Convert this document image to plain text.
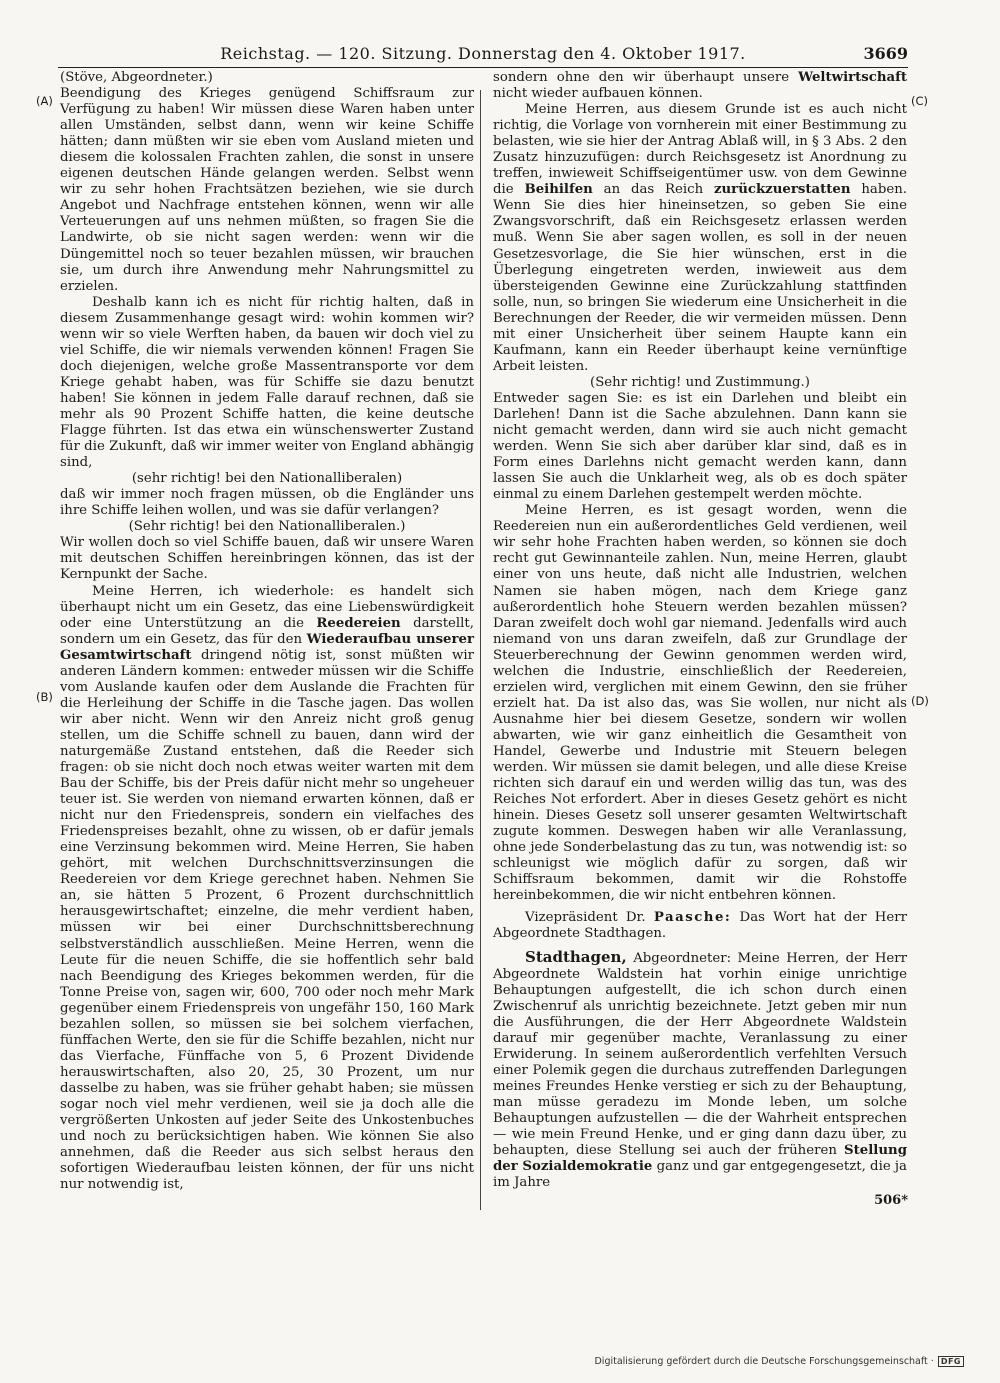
Reichstag. — 120. Sitzung. Donnerstag den 4. Oktober 1917.	3669
(A)
(B)
(C)
(D)

(Stöve, Abgeordneter.)

Beendigung des Krieges genügend Schiffsraum zur Verfügung zu haben! Wir müssen diese Waren haben unter allen Umständen, selbst dann, wenn wir keine Schiffe hätten; dann müßten wir sie eben vom Ausland mieten und diesem die kolossalen Frachten zahlen, die sonst in unsere eigenen deutschen Hände gelangen werden. Selbst wenn wir zu sehr hohen Frachtsätzen beziehen, wie sie durch Angebot und Nachfrage entstehen können, wenn wir alle Verteuerungen auf uns nehmen müßten, so fragen Sie die Landwirte, ob sie nicht sagen werden: wenn wir die Düngemittel noch so teuer bezahlen müssen, wir brauchen sie, um durch ihre Anwendung mehr Nahrungsmittel zu erzielen.

Deshalb kann ich es nicht für richtig halten, daß in diesem Zusammenhange gesagt wird: wohin kommen wir? wenn wir so viele Werften haben, da bauen wir doch viel zu viel Schiffe, die wir niemals verwenden können! Fragen Sie doch diejenigen, welche große Massentransporte vor dem Kriege gehabt haben, was für Schiffe sie dazu benutzt haben! Sie können in jedem Falle darauf rechnen, daß sie mehr als 90 Prozent Schiffe hatten, die keine deutsche Flagge führten. Ist das etwa ein wünschenswerter Zustand für die Zukunft, daß wir immer weiter von England abhängig sind,

(sehr richtig! bei den Nationalliberalen)

daß wir immer noch fragen müssen, ob die Engländer uns ihre Schiffe leihen wollen, und was sie dafür verlangen?

(Sehr richtig! bei den Nationalliberalen.)

Wir wollen doch so viel Schiffe bauen, daß wir unsere Waren mit deutschen Schiffen hereinbringen können, das ist der Kernpunkt der Sache.

Meine Herren, ich wiederhole: es handelt sich überhaupt nicht um ein Gesetz, das eine Liebenswürdigkeit oder eine Unterstützung an die Reedereien darstellt, sondern um ein Gesetz, das für den Wiederaufbau unserer Gesamtwirtschaft dringend nötig ist, sonst müßten wir anderen Ländern kommen: entweder müssen wir die Schiffe vom Auslande kaufen oder dem Auslande die Frachten für die Herleihung der Schiffe in die Tasche jagen. Das wollen wir aber nicht. Wenn wir den Anreiz nicht groß genug stellen, um die Schiffe schnell zu bauen, dann wird der naturgemäße Zustand entstehen, daß die Reeder sich fragen: ob sie nicht doch noch etwas weiter warten mit dem Bau der Schiffe, bis der Preis dafür nicht mehr so ungeheuer teuer ist. Sie werden von niemand erwarten können, daß er nicht nur den Friedenspreis, sondern ein vielfaches des Friedenspreises bezahlt, ohne zu wissen, ob er dafür jemals eine Verzinsung bekommen wird. Meine Herren, Sie haben gehört, mit welchen Durchschnittsverzinsungen die Reedereien vor dem Kriege gerechnet haben. Nehmen Sie an, sie hätten 5 Prozent, 6 Prozent durchschnittlich herausgewirtschaftet; einzelne, die mehr verdient haben, müssen wir bei einer Durchschnittsberechnung selbstverständlich ausschließen. Meine Herren, wenn die Leute für die neuen Schiffe, die sie hoffentlich sehr bald nach Beendigung des Krieges bekommen werden, für die Tonne Preise von, sagen wir, 600, 700 oder noch mehr Mark gegenüber einem Friedenspreis von ungefähr 150, 160 Mark bezahlen sollen, so müssen sie bei solchem vierfachen, fünffachen Werte, den sie für die Schiffe bezahlen, nicht nur das Vierfache, Fünffache von 5, 6 Prozent Dividende herauswirtschaften, also 20, 25, 30 Prozent, um nur dasselbe zu haben, was sie früher gehabt haben; sie müssen sogar noch viel mehr verdienen, weil sie ja doch alle die vergrößerten Unkosten auf jeder Seite des Unkostenbuches und noch zu berücksichtigen haben. Wie können Sie also annehmen, daß die Reeder aus sich selbst heraus den sofortigen Wiederaufbau leisten können, der für uns nicht nur notwendig ist,

sondern ohne den wir überhaupt unsere Weltwirtschaft nicht wieder aufbauen können.

Meine Herren, aus diesem Grunde ist es auch nicht richtig, die Vorlage von vornherein mit einer Bestimmung zu belasten, wie sie hier der Antrag Ablaß will, in § 3 Abs. 2 den Zusatz hinzuzufügen: durch Reichsgesetz ist Anordnung zu treffen, inwieweit Schiffseigentümer usw. von dem Gewinne die Beihilfen an das Reich zurückzuerstatten haben. Wenn Sie dies hier hineinsetzen, so geben Sie eine Zwangsvorschrift, daß ein Reichsgesetz erlassen werden muß. Wenn Sie aber sagen wollen, es soll in der neuen Gesetzesvorlage, die Sie hier wünschen, erst in die Überlegung eingetreten werden, inwieweit aus dem übersteigenden Gewinne eine Zurückzahlung stattfinden solle, nun, so bringen Sie wiederum eine Unsicherheit in die Berechnungen der Reeder, die wir vermeiden müssen. Denn mit einer Unsicherheit über seinem Haupte kann ein Kaufmann, kann ein Reeder überhaupt keine vernünftige Arbeit leisten.

(Sehr richtig! und Zustimmung.)

Entweder sagen Sie: es ist ein Darlehen und bleibt ein Darlehen! Dann ist die Sache abzulehnen. Dann kann sie nicht gemacht werden, dann wird sie auch nicht gemacht werden. Wenn Sie sich aber darüber klar sind, daß es in Form eines Darlehns nicht gemacht werden kann, dann lassen Sie auch die Unklarheit weg, als ob es doch später einmal zu einem Darlehen gestempelt werden möchte.

Meine Herren, es ist gesagt worden, wenn die Reedereien nun ein außerordentliches Geld verdienen, weil wir sehr hohe Frachten haben werden, so können sie doch recht gut Gewinnanteile zahlen. Nun, meine Herren, glaubt einer von uns heute, daß nicht alle Industrien, welchen Namen sie haben mögen, nach dem Kriege ganz außerordentlich hohe Steuern werden bezahlen müssen? Daran zweifelt doch wohl gar niemand. Jedenfalls wird auch niemand von uns daran zweifeln, daß zur Grundlage der Steuerberechnung der Gewinn genommen werden wird, welchen die Industrie, einschließlich der Reedereien, erzielen wird, verglichen mit einem Gewinn, den sie früher erzielt hat. Da ist also das, was Sie wollen, nur nicht als Ausnahme hier bei diesem Gesetze, sondern wir wollen abwarten, wie wir ganz einheitlich die Gesamtheit von Handel, Gewerbe und Industrie mit Steuern belegen werden. Wir müssen sie damit belegen, und alle diese Kreise richten sich darauf ein und werden willig das tun, was des Reiches Not erfordert. Aber in dieses Gesetz gehört es nicht hinein. Dieses Gesetz soll unserer gesamten Weltwirtschaft zugute kommen. Deswegen haben wir alle Veranlassung, ohne jede Sonderbelastung das zu tun, was notwendig ist: so schleunigst wie möglich dafür zu sorgen, daß wir Schiffsraum bekommen, damit wir die Rohstoffe hereinbekommen, die wir nicht entbehren können.

Vizepräsident Dr. Paasche: Das Wort hat der Herr Abgeordnete Stadthagen.

Stadthagen, Abgeordneter: Meine Herren, der Herr Abgeordnete Waldstein hat vorhin einige unrichtige Behauptungen aufgestellt, die ich schon durch einen Zwischenruf als unrichtig bezeichnete. Jetzt geben mir nun die Ausführungen, die der Herr Abgeordnete Waldstein darauf mir gegenüber machte, Veranlassung zu einer Erwiderung. In seinem außerordentlich verfehlten Versuch einer Polemik gegen die durchaus zutreffenden Darlegungen meines Freundes Henke verstieg er sich zu der Behauptung, man müsse geradezu im Monde leben, um solche Behauptungen aufzustellen — die der Wahrheit entsprechen — wie mein Freund Henke, und er ging dann dazu über, zu behaupten, diese Stellung sei auch der früheren Stellung der Sozialdemokratie ganz und gar entgegengesetzt, die ja im Jahre

506*
Digitalisierung gefördert durch die Deutsche Forschungsgemeinschaft · DFG
